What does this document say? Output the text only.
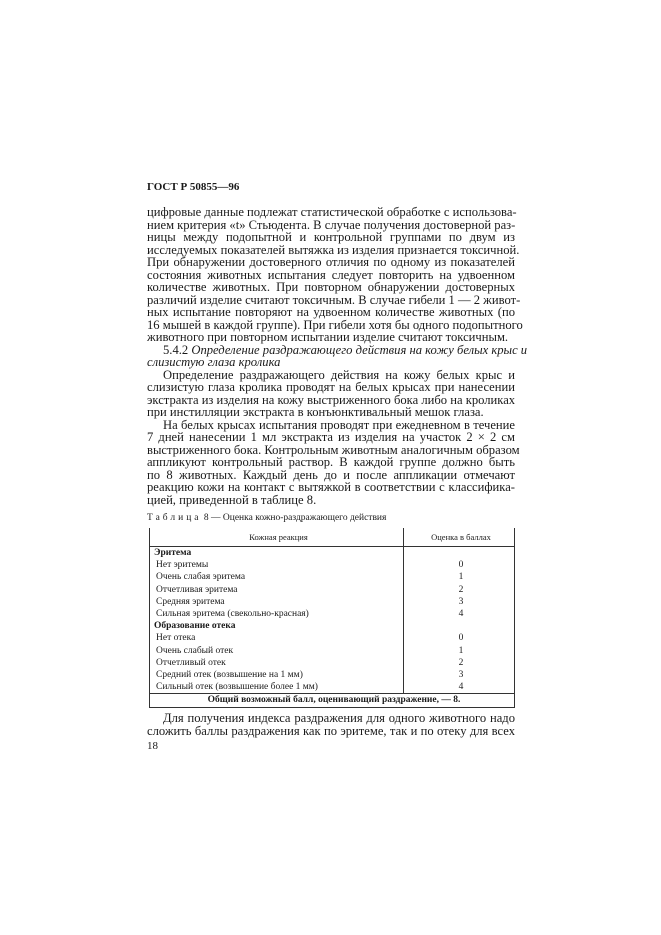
ГОСТ Р 50855—96
цифровые данные подлежат статистической обработке с использова-
нием критерия «t» Стьюдента. В случае получения достоверной раз-
ницы между подопытной и контрольной группами по двум из
исследуемых показателей вытяжка из изделия признается токсичной.
При обнаружении достоверного отличия по одному из показателей
состояния животных испытания следует повторить на удвоенном
количестве животных. При повторном обнаружении достоверных
различий изделие считают токсичным. В случае гибели 1 — 2 живот-
ных испытание повторяют на удвоенном количестве животных (по
16 мышей в каждой группе). При гибели хотя бы одного подопытного
животного при повторном испытании изделие считают токсичным.
5.4.2 Определение раздражающего действия на кожу белых крыс и
слизистую глаза кролика
Определение раздражающего действия на кожу белых крыс и
слизистую глаза кролика проводят на белых крысах при нанесении
экстракта из изделия на кожу выстриженного бока либо на кроликах
при инстилляции экстракта в конъюнктивальный мешок глаза.
На белых крысах испытания проводят при ежедневном в течение
7 дней нанесении 1 мл экстракта из изделия на участок 2 × 2 см
выстриженного бока. Контрольным животным аналогичным образом
аппликуют контрольный раствор. В каждой группе должно быть
по 8 животных. Каждый день до и после аппликации отмечают
реакцию кожи на контакт с вытяжкой в соответствии с классифика-
цией, приведенной в таблице 8.
Таблица 8 — Оценка кожно-раздражающего действия
Кожная реакция	Оценка в баллах
Эритема	
Нет эритемы	0
Очень слабая эритема	1
Отчетливая эритема	2
Средняя эритема	3
Сильная эритема (свекольно-красная)	4
Образование отека	
Нет отека	0
Очень слабый отек	1
Отчетливый отек	2
Средний отек (возвышение на 1 мм)	3
Сильный отек (возвышение более 1 мм)	4
Общий возможный балл, оценивающий раздражение, — 8.	
Для получения индекса раздражения для одного животного надо
сложить баллы раздражения как по эритеме, так и по отеку для всех
18
